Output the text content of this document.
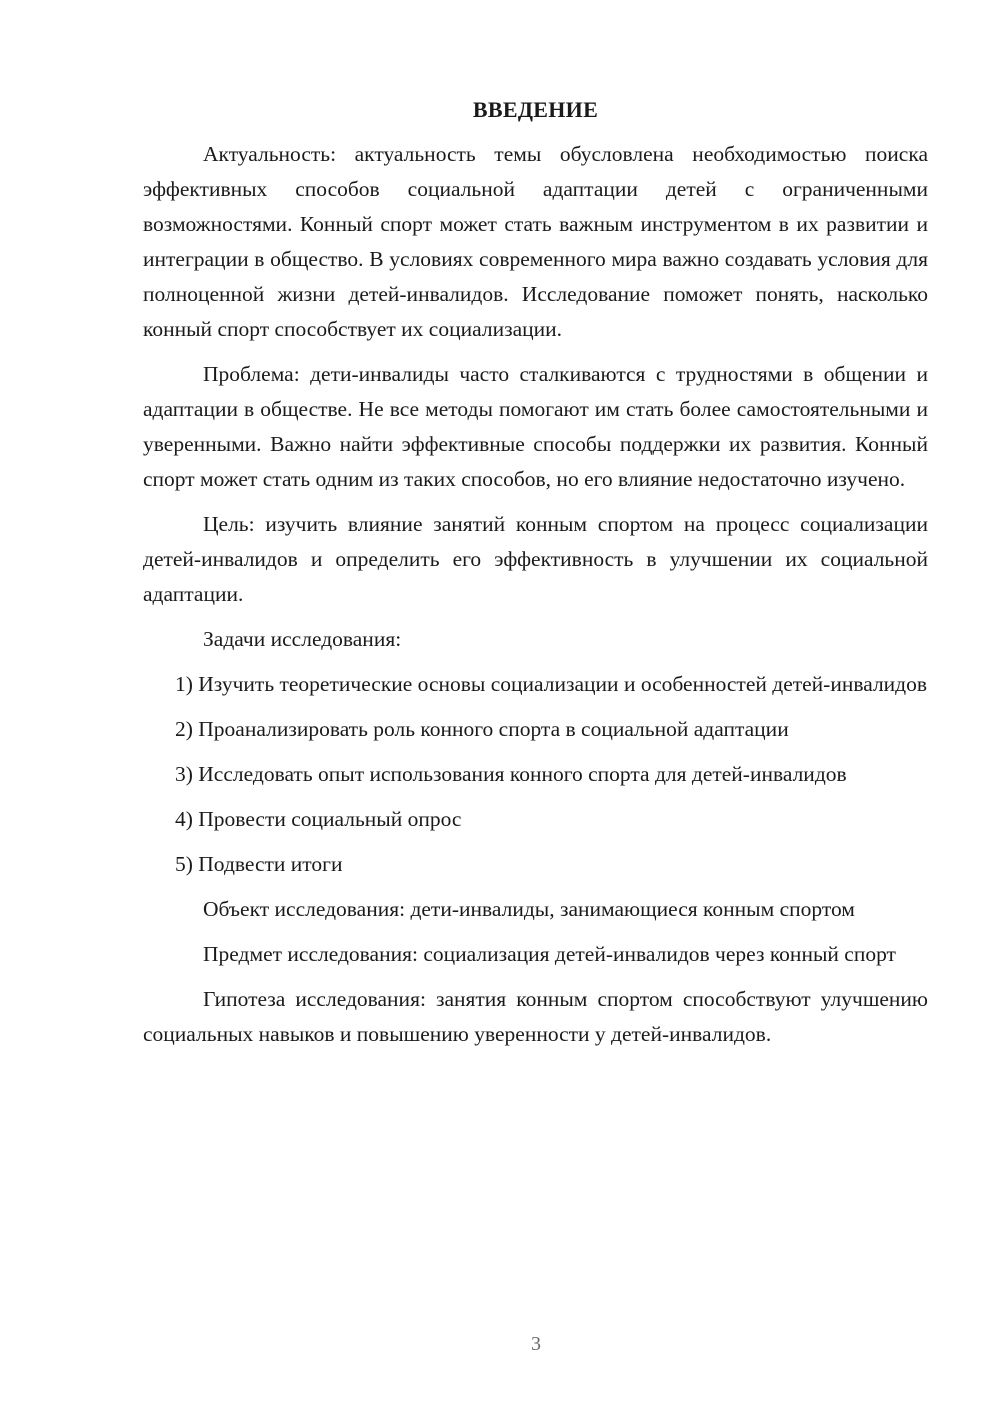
ВВЕДЕНИЕ

Актуальность: актуальность темы обусловлена необходимостью поиска эффективных способов социальной адаптации детей с ограниченными возможностями. Конный спорт может стать важным инструментом в их развитии и интеграции в общество. В условиях современного мира важно создавать условия для полноценной жизни детей-инвалидов. Исследование поможет понять, насколько конный спорт способствует их социализации.

Проблема: дети-инвалиды часто сталкиваются с трудностями в общении и адаптации в обществе. Не все методы помогают им стать более самостоятельными и уверенными. Важно найти эффективные способы поддержки их развития. Конный спорт может стать одним из таких способов, но его влияние недостаточно изучено.

Цель: изучить влияние занятий конным спортом на процесс социализации детей-инвалидов и определить его эффективность в улучшении их социальной адаптации.

Задачи исследования:

1) Изучить теоретические основы социализации и особенностей детей-инвалидов

2) Проанализировать роль конного спорта в социальной адаптации

3) Исследовать опыт использования конного спорта для детей-инвалидов

4) Провести социальный опрос

5) Подвести итоги

Объект исследования: дети-инвалиды, занимающиеся конным спортом

Предмет исследования: социализация детей-инвалидов через конный спорт

Гипотеза исследования: занятия конным спортом способствуют улучшению социальных навыков и повышению уверенности у детей-инвалидов.

3
